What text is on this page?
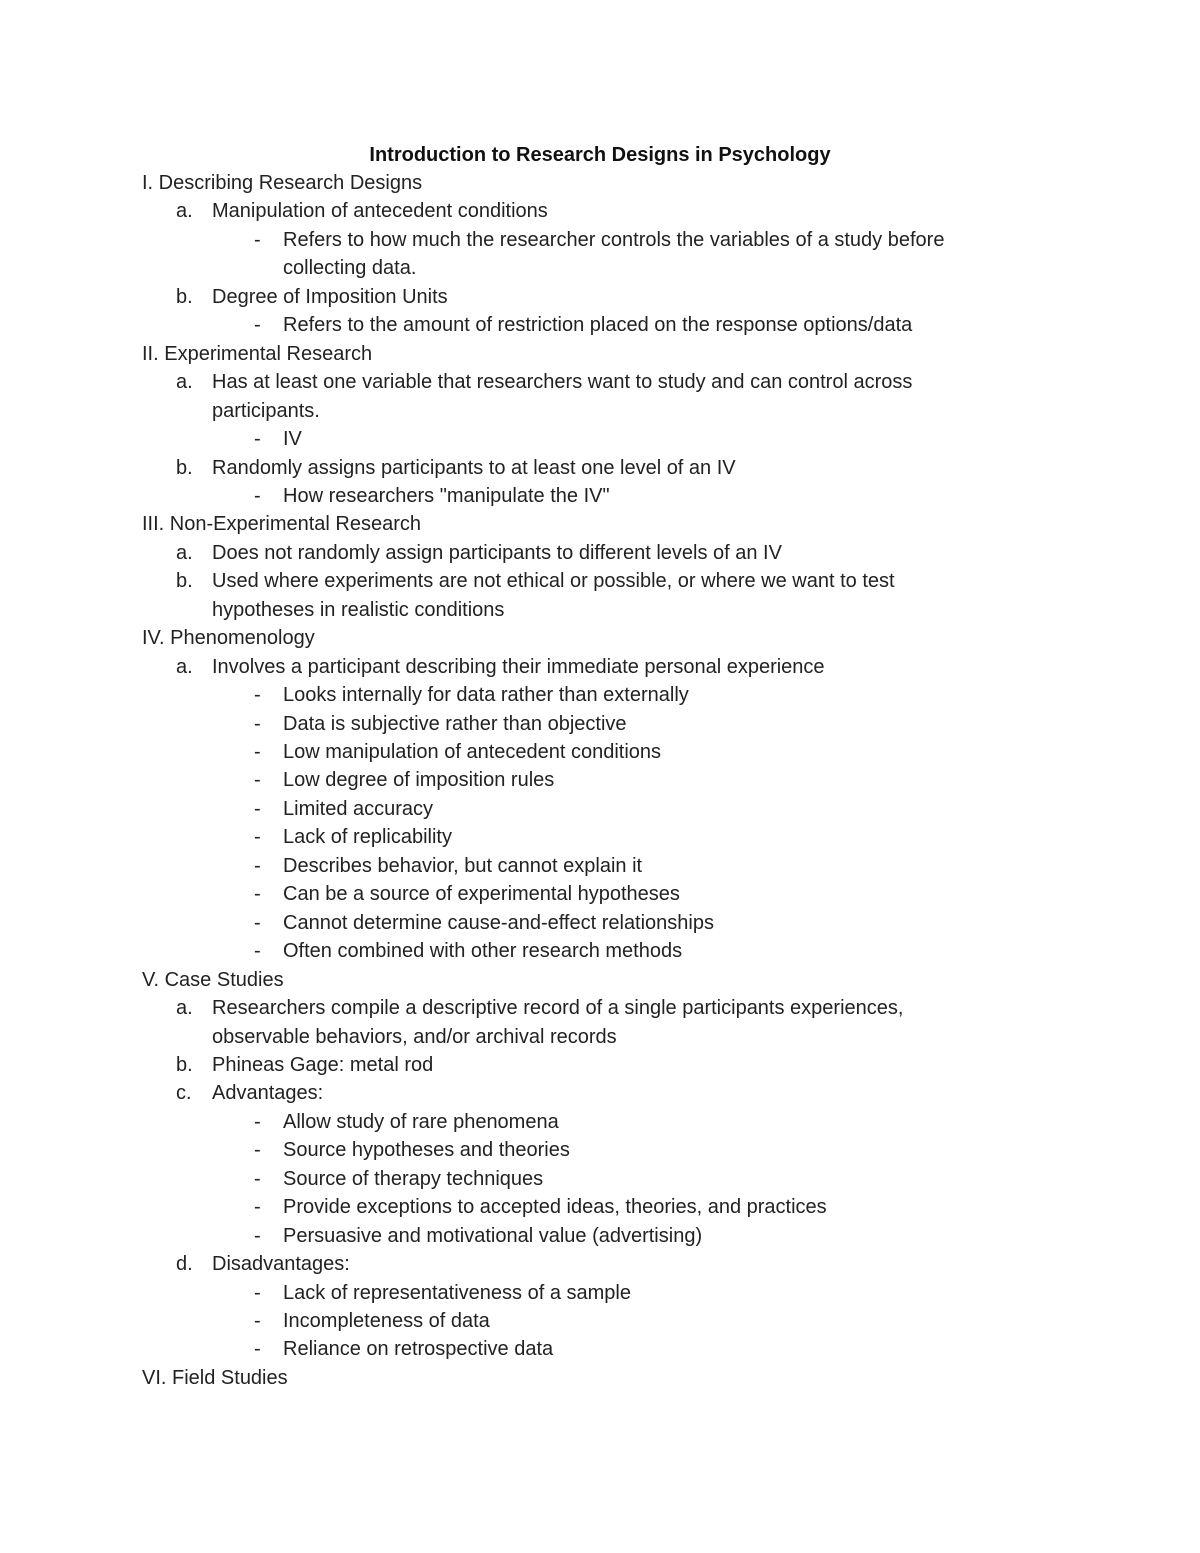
Introduction to Research Designs in Psychology
I. Describing Research Designs
a. Manipulation of antecedent conditions
- Refers to how much the researcher controls the variables of a study before
collecting data.
b. Degree of Imposition Units
- Refers to the amount of restriction placed on the response options/data
II. Experimental Research
a. Has at least one variable that researchers want to study and can control across
participants.
- IV
b. Randomly assigns participants to at least one level of an IV
- How researchers "manipulate the IV"
III. Non-Experimental Research
a. Does not randomly assign participants to different levels of an IV
b. Used where experiments are not ethical or possible, or where we want to test
hypotheses in realistic conditions
IV. Phenomenology
a. Involves a participant describing their immediate personal experience
- Looks internally for data rather than externally
- Data is subjective rather than objective
- Low manipulation of antecedent conditions
- Low degree of imposition rules
- Limited accuracy
- Lack of replicability
- Describes behavior, but cannot explain it
- Can be a source of experimental hypotheses
- Cannot determine cause-and-effect relationships
- Often combined with other research methods
V. Case Studies
a. Researchers compile a descriptive record of a single participants experiences,
observable behaviors, and/or archival records
b. Phineas Gage: metal rod
c. Advantages:
- Allow study of rare phenomena
- Source hypotheses and theories
- Source of therapy techniques
- Provide exceptions to accepted ideas, theories, and practices
- Persuasive and motivational value (advertising)
d. Disadvantages:
- Lack of representativeness of a sample
- Incompleteness of data
- Reliance on retrospective data
VI. Field Studies
